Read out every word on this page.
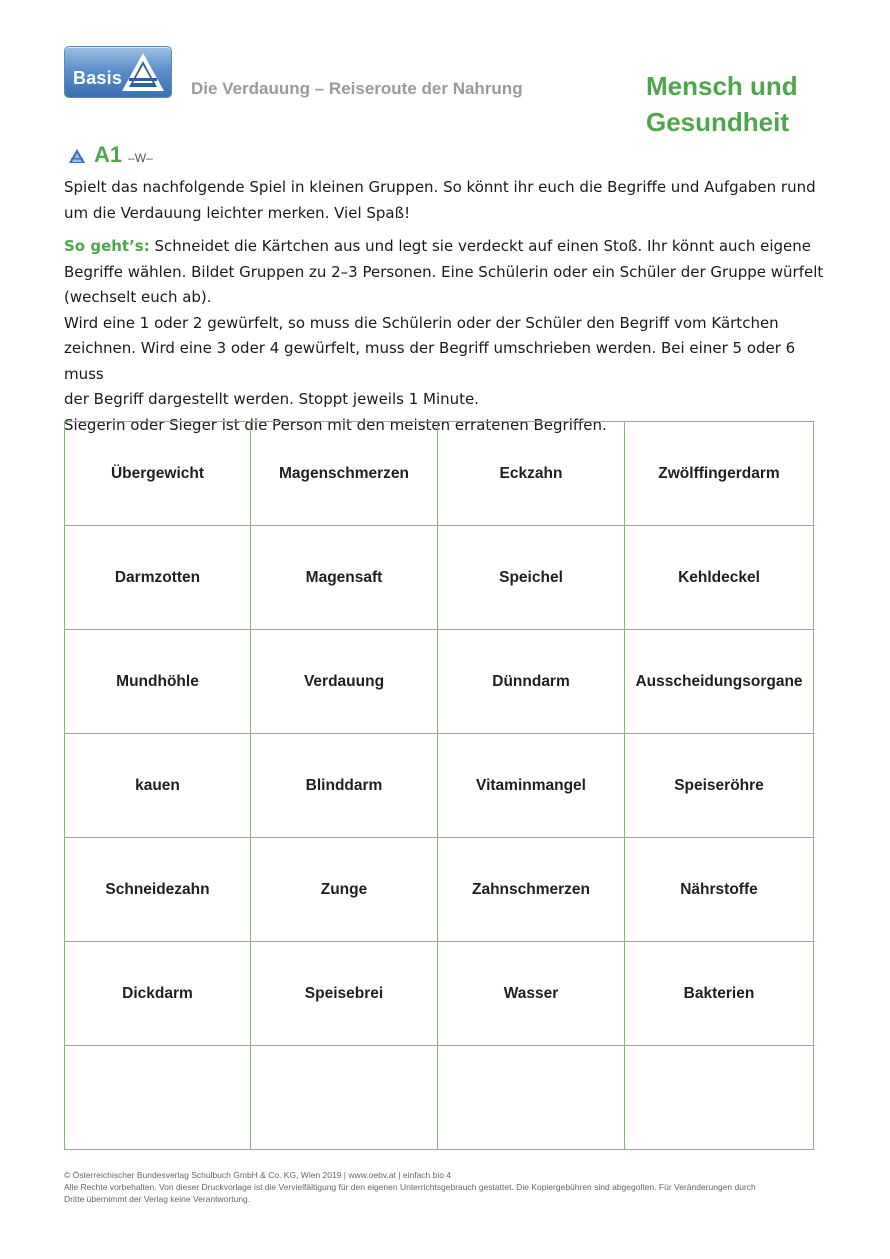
Basis
Die Verdauung – Reiseroute der Nahrung	Mensch und
Gesundheit
A1 –W–
Spielt das nachfolgende Spiel in kleinen Gruppen. So könnt ihr euch die Begriffe und Aufgaben rund
um die Verdauung leichter merken. Viel Spaß!
So geht’s: Schneidet die Kärtchen aus und legt sie verdeckt auf einen Stoß. Ihr könnt auch eigene
Begriffe wählen. Bildet Gruppen zu 2–3 Personen. Eine Schülerin oder ein Schüler der Gruppe würfelt
(wechselt euch ab).
Wird eine 1 oder 2 gewürfelt, so muss die Schülerin oder der Schüler den Begriff vom Kärtchen
zeichnen. Wird eine 3 oder 4 gewürfelt, muss der Begriff umschrieben werden. Bei einer 5 oder 6 muss
der Begriff dargestellt werden. Stoppt jeweils 1 Minute.
Siegerin oder Sieger ist die Person mit den meisten erratenen Begriffen.
Übergewicht	Magenschmerzen	Eckzahn	Zwölffingerdarm
Darmzotten	Magensaft	Speichel	Kehldeckel
Mundhöhle	Verdauung	Dünndarm	Ausscheidungsorgane
kauen	Blinddarm	Vitaminmangel	Speiseröhre
Schneidezahn	Zunge	Zahnschmerzen	Nährstoffe
Dickdarm	Speisebrei	Wasser	Bakterien

© Österreichischer Bundesverlag Schulbuch GmbH & Co. KG, Wien 2019 | www.oebv.at | einfach bio 4
Alle Rechte vorbehalten. Von dieser Druckvorlage ist die Vervielfältigung für den eigenen Unterrichtsgebrauch gestattet. Die Kopiergebühren sind abgegolten. Für Veränderungen durch
Dritte übernimmt der Verlag keine Verantwortung.
